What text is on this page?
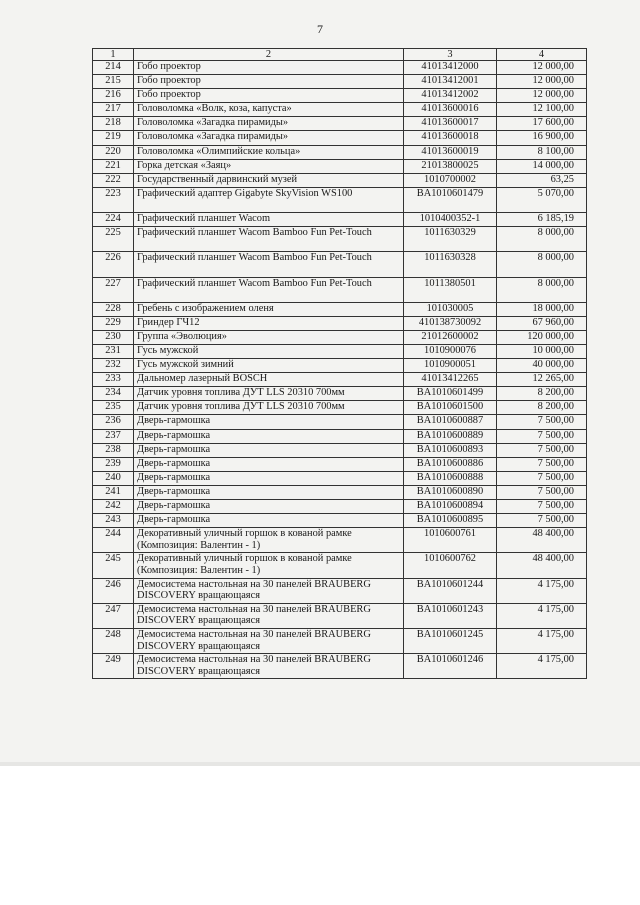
7
1	2	3	4
214	Гобо проектор	41013412000	12 000,00
215	Гобо проектор	41013412001	12 000,00
216	Гобо проектор	41013412002	12 000,00
217	Головоломка «Волк, коза, капуста»	41013600016	12 100,00
218	Головоломка «Загадка пирамиды»	41013600017	17 600,00
219	Головоломка «Загадка пирамиды»	41013600018	16 900,00
220	Головоломка «Олимпийские кольца»	41013600019	8 100,00
221	Горка детская «Заяц»	21013800025	14 000,00
222	Государственный дарвинский музей	1010700002	63,25
223	Графический адаптер Gigabyte SkyVision WS100	BA1010601479	5 070,00
224	Графический планшет Wacom	1010400352-1	6 185,19
225	Графический планшет Wacom Bamboo Fun Pet-Touch	1011630329	8 000,00
226	Графический планшет Wacom Bamboo Fun Pet-Touch	1011630328	8 000,00
227	Графический планшет Wacom Bamboo Fun Pet-Touch	1011380501	8 000,00
228	Гребень с изображением оленя	101030005	18 000,00
229	Гриндер ГЧ12	410138730092	67 960,00
230	Группа «Эволюция»	21012600002	120 000,00
231	Гусь мужской	1010900076	10 000,00
232	Гусь мужской зимний	1010900051	40 000,00
233	Дальномер лазерный BOSCH	41013412265	12 265,00
234	Датчик уровня топлива ДУТ LLS 20310 700мм	BA1010601499	8 200,00
235	Датчик уровня топлива ДУТ LLS 20310 700мм	BA1010601500	8 200,00
236	Дверь-гармошка	BA1010600887	7 500,00
237	Дверь-гармошка	BA1010600889	7 500,00
238	Дверь-гармошка	BA1010600893	7 500,00
239	Дверь-гармошка	BA1010600886	7 500,00
240	Дверь-гармошка	BA1010600888	7 500,00
241	Дверь-гармошка	BA1010600890	7 500,00
242	Дверь-гармошка	BA1010600894	7 500,00
243	Дверь-гармошка	BA1010600895	7 500,00
244	Декоративный уличный горшок в кованой рамке (Композиция: Валентин - 1)	1010600761	48 400,00
245	Декоративный уличный горшок в кованой рамке (Композиция: Валентин - 1)	1010600762	48 400,00
246	Демосистема настольная на 30 панелей BRAUBERG DISCOVERY вращающаяся	BA1010601244	4 175,00
247	Демосистема настольная на 30 панелей BRAUBERG DISCOVERY вращающаяся	BA1010601243	4 175,00
248	Демосистема настольная на 30 панелей BRAUBERG DISCOVERY вращающаяся	BA1010601245	4 175,00
249	Демосистема настольная на 30 панелей BRAUBERG DISCOVERY вращающаяся	BA1010601246	4 175,00
